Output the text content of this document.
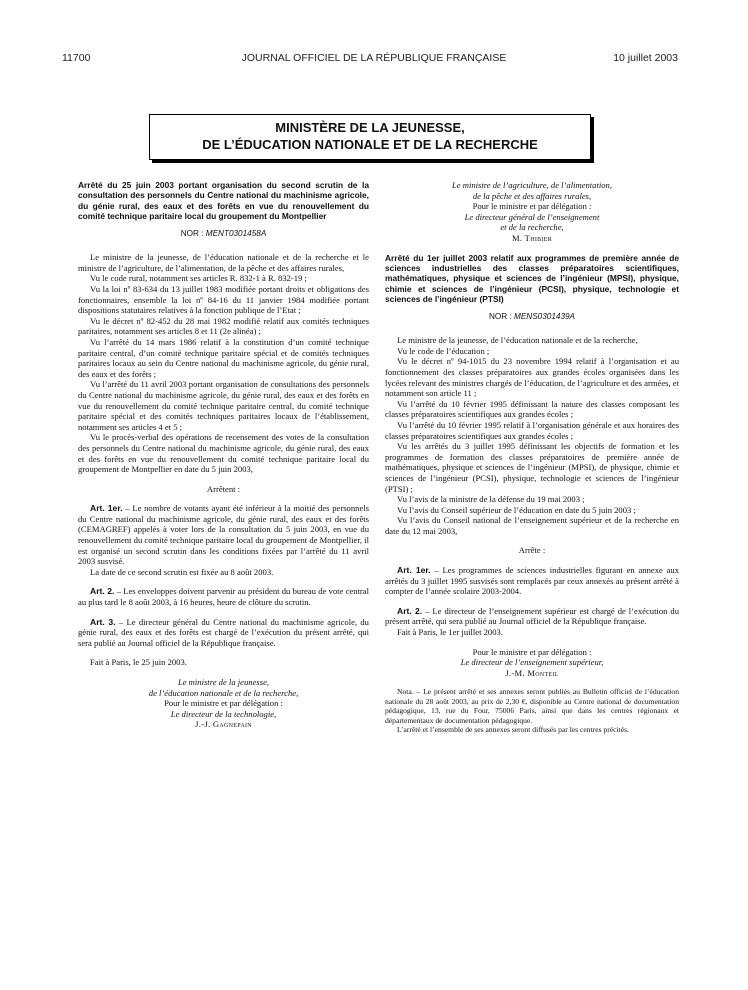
11700	JOURNAL OFFICIEL DE LA RÉPUBLIQUE FRANÇAISE	10 juillet 2003
MINISTÈRE DE LA JEUNESSE,
DE L’ÉDUCATION NATIONALE ET DE LA RECHERCHE
Arrêté du 25 juin 2003 portant organisation du second scrutin de la consultation des personnels du Centre national du machinisme agricole, du génie rural, des eaux et des forêts en vue du renouvellement du comité technique paritaire local du groupement du Montpellier
NOR : MENT0301458A

Le ministre de la jeunesse, de l’éducation nationale et de la recherche et le ministre de l’agriculture, de l’alimentation, de la pêche et des affaires rurales,

Vu le code rural, notamment ses articles R. 832-1 à R. 832-19 ;

Vu la loi nº 83-634 du 13 juillet 1983 modifiée portant droits et obligations des fonctionnaires, ensemble la loi nº 84-16 du 11 janvier 1984 modifiée portant dispositions statutaires relatives à la fonction publique de l’Etat ;

Vu le décret nº 82-452 du 28 mai 1982 modifié relatif aux comités techniques paritaires, notamment ses articles 8 et 11 (2e alinéa) ;

Vu l’arrêté du 14 mars 1986 relatif à la constitution d’un comité technique paritaire central, d’un comité technique paritaire spécial et de comités techniques paritaires locaux au sein du Centre national du machinisme agricole, du génie rural, des eaux et des forêts ;

Vu l’arrêté du 11 avril 2003 portant organisation de consultations des personnels du Centre national du machinisme agricole, du génie rural, des eaux et des forêts en vue du renouvellement du comité technique paritaire central, du comité technique paritaire spécial et des comités techniques paritaires locaux de l’établissement, notamment ses articles 4 et 5 ;

Vu le procès-verbal des opérations de recensement des votes de la consultation des personnels du Centre national du machinisme agricole, du génie rural, des eaux et des forêts en vue du renouvellement du comité technique paritaire local du groupement de Montpellier en date du 5 juin 2003,

Arrêtent :

Art. 1er. – Le nombre de votants ayant été inférieur à la moitié des personnels du Centre national du machinisme agricole, du génie rural, des eaux et des forêts (CEMAGREF) appelés à voter lors de la consultation du 5 juin 2003, en vue du renouvellement du comité technique paritaire local du groupement de Montpellier, il est organisé un second scrutin dans les conditions fixées par l’arrêté du 11 avril 2003 susvisé.

La date de ce second scrutin est fixée au 8 août 2003.

Art. 2. – Les enveloppes doivent parvenir au président du bureau de vote central au plus tard le 8 août 2003, à 16 heures, heure de clôture du scrutin.

Art. 3. – Le directeur général du Centre national du machinisme agricole, du génie rural, des eaux et des forêts est chargé de l’exécution du présent arrêté, qui sera publié au Journal officiel de la République française.

Fait à Paris, le 25 juin 2003.

Le ministre de la jeunesse,

de l’éducation nationale et de la recherche,

Pour le ministre et par délégation :

Le directeur de la technologie,

J.-J. Gagnepain

Le ministre de l’agriculture, de l’alimentation,

de la pêche et des affaires rurales,

Pour le ministre et par délégation :

Le directeur général de l’enseignement

et de la recherche,

M. Thibier

Arrêté du 1er juillet 2003 relatif aux programmes de première année de sciences industrielles des classes préparatoires scientifiques, mathématiques, physique et sciences de l’ingénieur (MPSI), physique, chimie et sciences de l’ingénieur (PCSI), physique, technologie et sciences de l’ingénieur (PTSI)
NOR : MENS0301439A

Le ministre de la jeunesse, de l’éducation nationale et de la recherche,

Vu le code de l’éducation ;

Vu le décret nº 94-1015 du 23 novembre 1994 relatif à l’organisation et au fonctionnement des classes préparatoires aux grandes écoles organisées dans les lycées relevant des ministres chargés de l’éducation, de l’agriculture et des armées, et notamment son article 11 ;

Vu l’arrêté du 10 février 1995 définissant la nature des classes composant les classes préparatoires scientifiques aux grandes écoles ;

Vu l’arrêté du 10 février 1995 relatif à l’organisation générale et aux horaires des classes préparatoires scientifiques aux grandes écoles ;

Vu les arrêtés du 3 juillet 1995 définissant les objectifs de formation et les programmes de formation des classes préparatoires de première année de mathématiques, physique et sciences de l’ingénieur (MPSI), de physique, chimie et sciences de l’ingénieur (PCSI), physique, technologie et sciences de l’ingénieur (PTSI) ;

Vu l’avis de la ministre de la défense du 19 mai 2003 ;

Vu l’avis du Conseil supérieur de l’éducation en date du 5 juin 2003 ;

Vu l’avis du Conseil national de l’enseignement supérieur et de la recherche en date du 12 mai 2003,

Arrête :

Art. 1er. – Les programmes de sciences industrielles figurant en annexe aux arrêtés du 3 juillet 1995 susvisés sont remplacés par ceux annexés au présent arrêté à compter de l’année scolaire 2003-2004.

Art. 2. – Le directeur de l’enseignement supérieur est chargé de l’exécution du présent arrêté, qui sera publié au Journal officiel de la République française.

Fait à Paris, le 1er juillet 2003.

Pour le ministre et par délégation :

Le directeur de l’enseignement supérieur,

J.-M. Monteil

Nota. – Le présent arrêté et ses annexes seront publiés au Bulletin officiel de l’éducation nationale du 28 août 2003, au prix de 2,30 €, disponible au Centre national de documentation pédagogique, 13, rue du Four, 75006 Paris, ainsi que dans les centres régionaux et départementaux de documentation pédagogique.

L’arrêté et l’ensemble de ses annexes seront diffusés par les centres précités.
